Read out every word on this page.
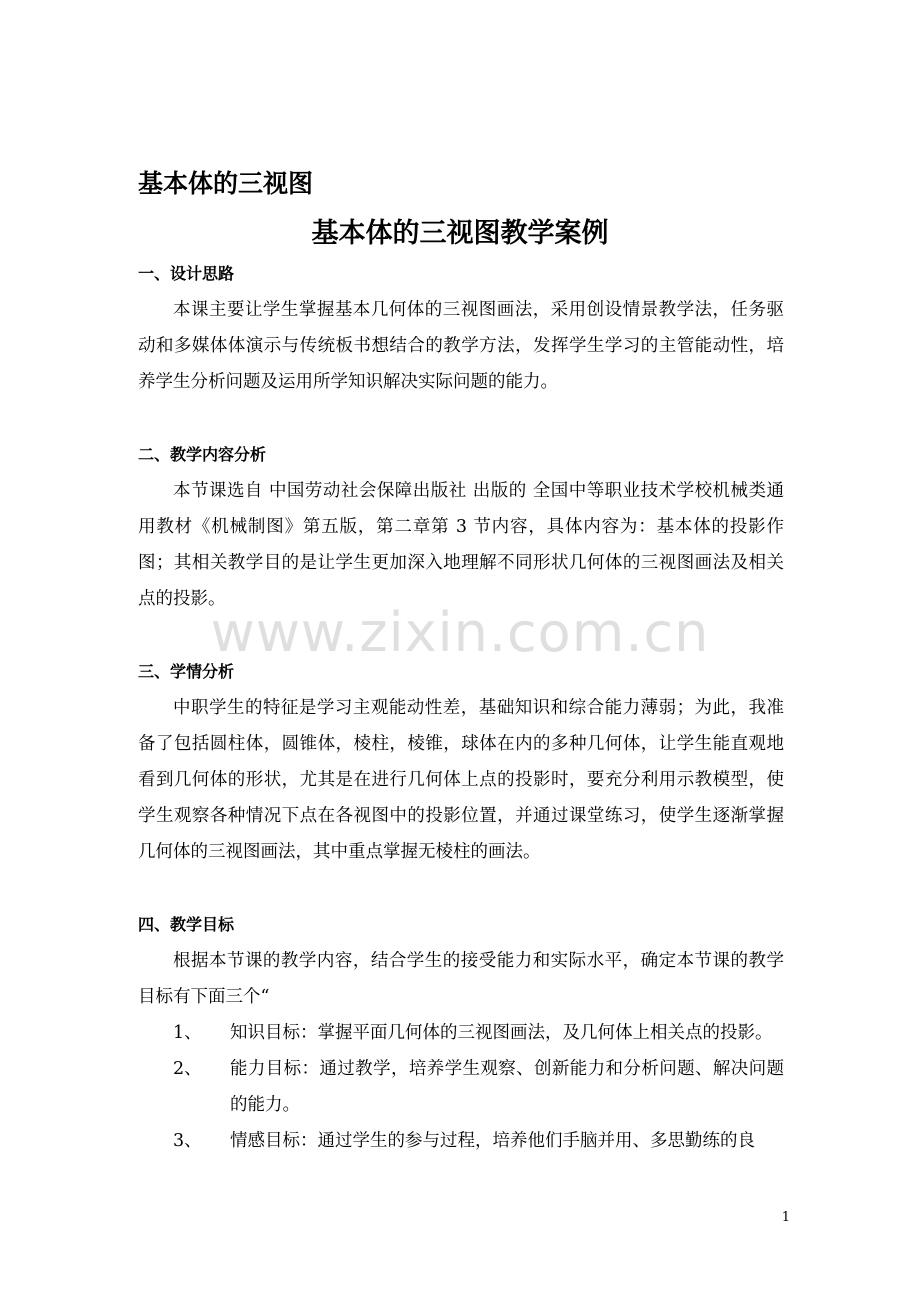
基本体的三视图
基本体的三视图教学案例
一、设计思路

本课主要让学生掌握基本几何体的三视图画法，采用创设情景教学法，任务驱动和多媒体体演示与传统板书想结合的教学方法，发挥学生学习的主管能动性，培养学生分析问题及运用所学知识解决实际问题的能力。

二、教学内容分析

本节课选自 中国劳动社会保障出版社 出版的 全国中等职业技术学校机械类通用教材《机械制图》第五版，第二章第 3 节内容，具体内容为：基本体的投影作图；其相关教学目的是让学生更加深入地理解不同形状几何体的三视图画法及相关点的投影。

www.zixin.com.cn
三、学情分析

中职学生的特征是学习主观能动性差，基础知识和综合能力薄弱；为此，我准备了包括圆柱体，圆锥体，棱柱，棱锥，球体在内的多种几何体，让学生能直观地看到几何体的形状，尤其是在进行几何体上点的投影时，要充分利用示教模型，使学生观察各种情况下点在各视图中的投影位置，并通过课堂练习，使学生逐渐掌握几何体的三视图画法，其中重点掌握无棱柱的画法。

四、教学目标

根据本节课的教学内容，结合学生的接受能力和实际水平，确定本节课的教学目标有下面三个“

1、 知识目标：掌握平面几何体的三视图画法，及几何体上相关点的投影。
2、 能力目标：通过教学，培养学生观察、创新能力和分析问题、解决问题的能力。
3、 情感目标：通过学生的参与过程，培养他们手脑并用、多思勤练的良
1
